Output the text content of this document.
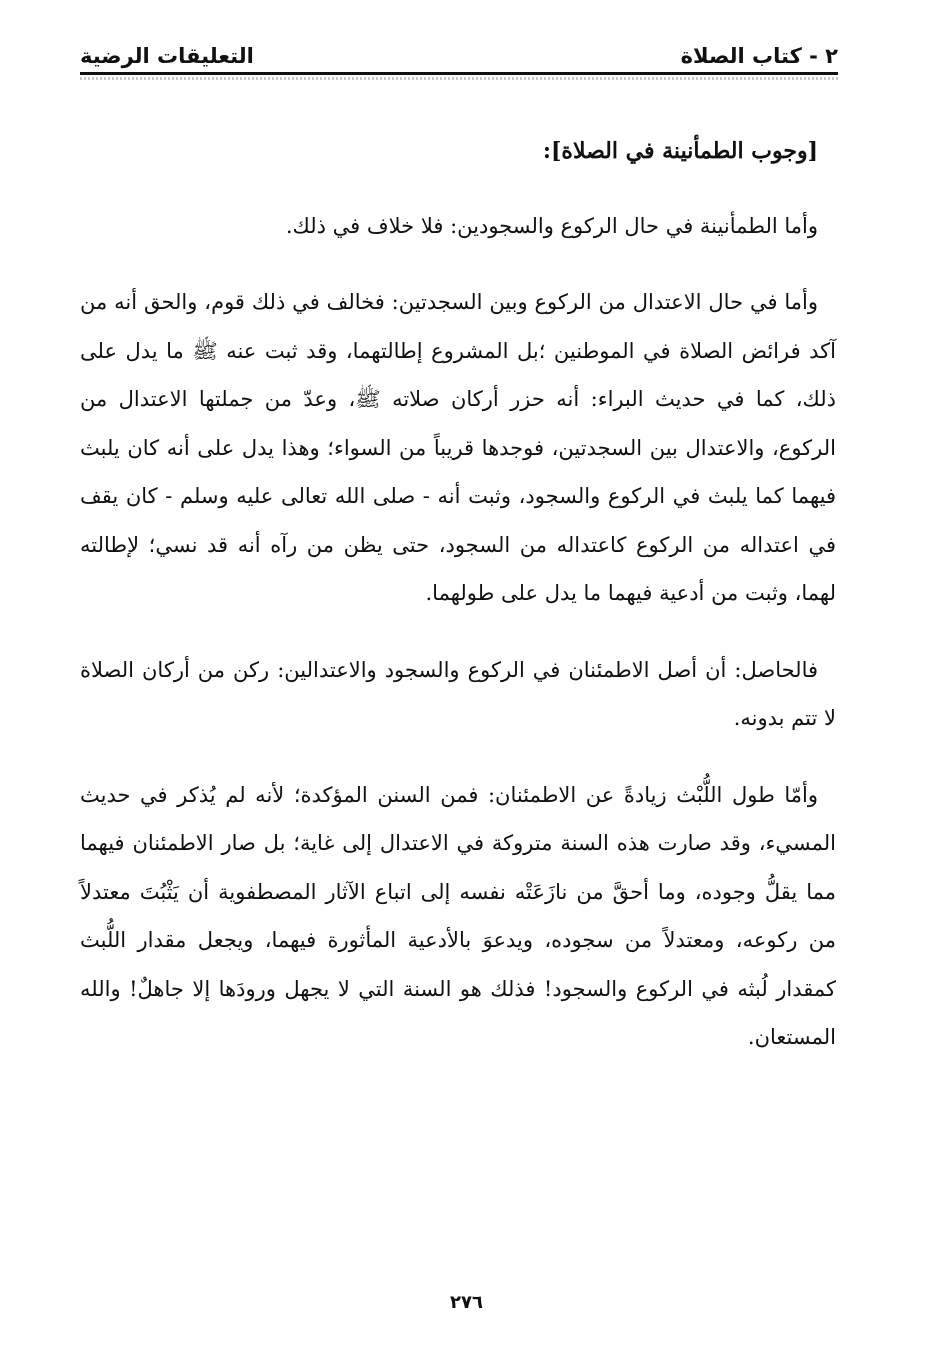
٢ - كتاب الصلاة
التعليقات الرضية

[وجوب الطمأنينة في الصلاة]:

وأما الطمأنينة في حال الركوع والسجودين: فلا خلاف في ذلك.

وأما في حال الاعتدال من الركوع وبين السجدتين: فخالف في ذلك قوم، والحق أنه من آكد فرائض الصلاة في الموطنين ؛بل المشروع إطالتهما، وقد ثبت عنه ﷺ ما يدل على ذلك، كما في حديث البراء: أنه حزر أركان صلاته ﷺ، وعدّ من جملتها الاعتدال من الركوع، والاعتدال بين السجدتين، فوجدها قريباً من السواء؛ وهذا يدل على أنه كان يلبث فيهما كما يلبث في الركوع والسجود، وثبت أنه - صلى الله تعالى عليه وسلم - كان يقف في اعتداله من الركوع كاعتداله من السجود، حتى يظن من رآه أنه قد نسي؛ لإطالته لهما، وثبت من أدعية فيهما ما يدل على طولهما.

فالحاصل: أن أصل الاطمئنان في الركوع والسجود والاعتدالين: ركن من أركان الصلاة لا تتم بدونه.

وأمّا طول اللُّبْث زيادةً عن الاطمئنان: فمن السنن المؤكدة؛ لأنه لم يُذكر في حديث المسيء، وقد صارت هذه السنة متروكة في الاعتدال إلى غاية؛ بل صار الاطمئنان فيهما مما يقلُّ وجوده، وما أحقَّ من نازَعَتْه نفسه إلى اتباع الآثار المصطفوية أن يَثْبُتَ معتدلاً من ركوعه، ومعتدلاً من سجوده، ويدعوَ بالأدعية المأثورة فيهما، ويجعل مقدار اللُّبث كمقدار لُبثه في الركوع والسجود! فذلك هو السنة التي لا يجهل ورودَها إلا جاهلٌ! والله المستعان.

٢٧٦
